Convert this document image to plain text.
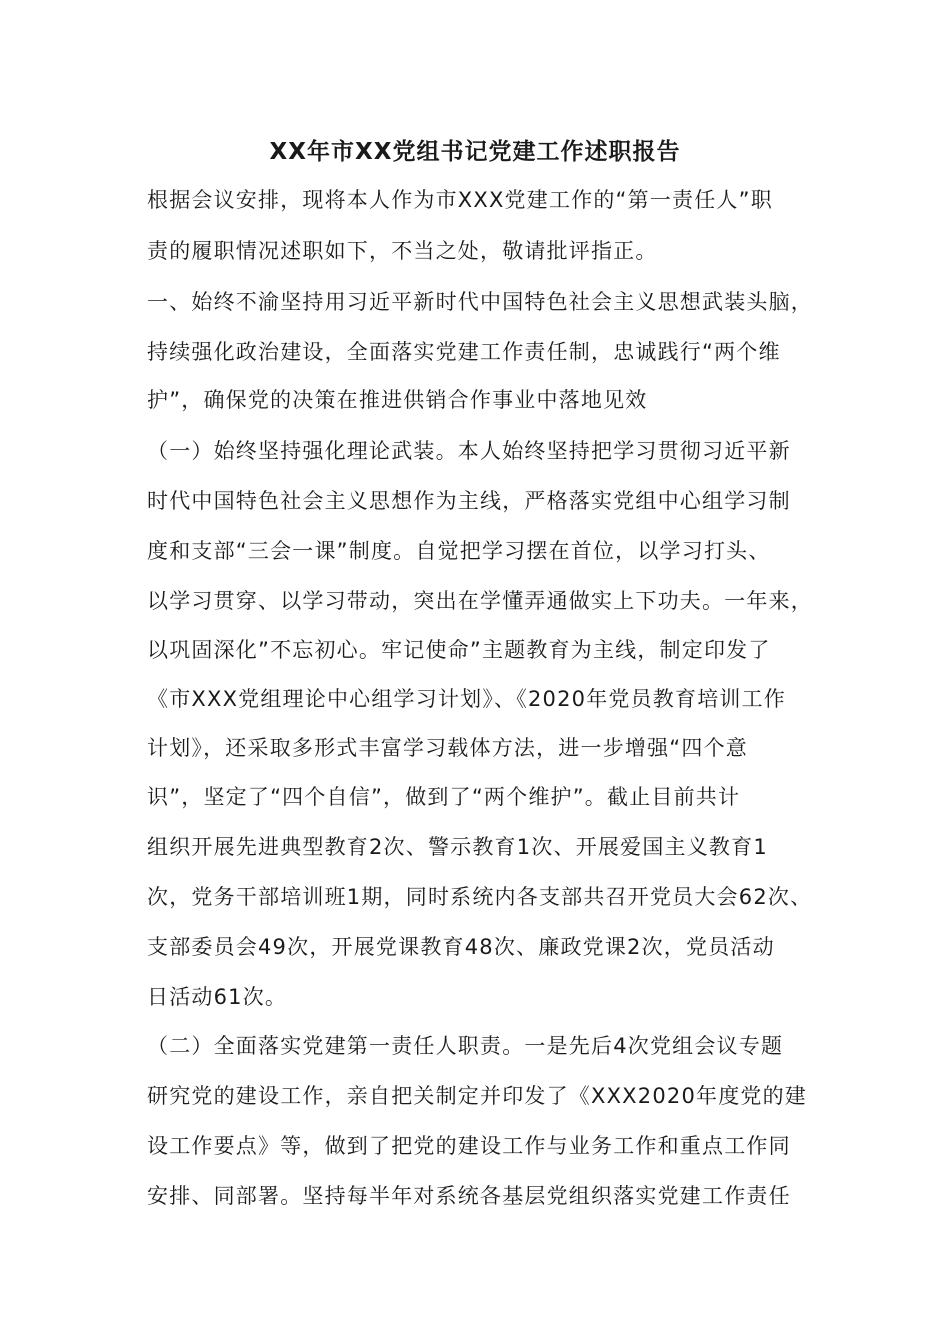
XX年市XX党组书记党建工作述职报告
根据会议安排，现将本人作为市XXX党建工作的“第一责任人”职
责的履职情况述职如下，不当之处，敬请批评指正。
一、始终不渝坚持用习近平新时代中国特色社会主义思想武装头脑，
持续强化政治建设，全面落实党建工作责任制，忠诚践行“两个维
护”，确保党的决策在推进供销合作事业中落地见效
（一）始终坚持强化理论武装。本人始终坚持把学习贯彻习近平新
时代中国特色社会主义思想作为主线，严格落实党组中心组学习制
度和支部“三会一课”制度。自觉把学习摆在首位，以学习打头、
以学习贯穿、以学习带动，突出在学懂弄通做实上下功夫。一年来，
以巩固深化”不忘初心。牢记使命”主题教育为主线，制定印发了
《市XXX党组理论中心组学习计划》、《2020年党员教育培训工作
计划》，还采取多形式丰富学习载体方法，进一步增强“四个意
识”，坚定了“四个自信”，做到了“两个维护”。截止目前共计
组织开展先进典型教育2次、警示教育1次、开展爱国主义教育1
次，党务干部培训班1期，同时系统内各支部共召开党员大会62次、
支部委员会49次，开展党课教育48次、廉政党课2次，党员活动
日活动61次。
（二）全面落实党建第一责任人职责。一是先后4次党组会议专题
研究党的建设工作，亲自把关制定并印发了《XXX2020年度党的建
设工作要点》等，做到了把党的建设工作与业务工作和重点工作同
安排、同部署。坚持每半年对系统各基层党组织落实党建工作责任
